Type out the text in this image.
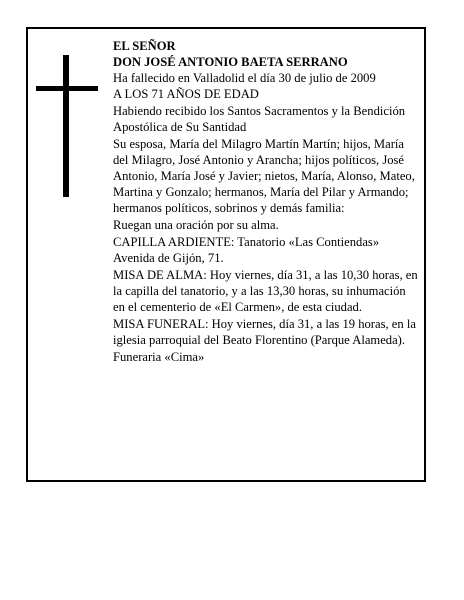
EL SEÑOR

DON JOSÉ ANTONIO BAETA SERRANO

Ha fallecido en Valladolid el día 30 de julio de 2009

A LOS 71 AÑOS DE EDAD

Habiendo recibido los Santos Sacramentos y la Bendición Apostólica de Su Santidad

Su esposa, María del Milagro Martín Martín; hijos, María del Milagro, José Antonio y Arancha; hijos políticos, José Antonio, María José y Javier; nietos, María, Alonso, Mateo, Martina y Gonzalo; hermanos, María del Pilar y Armando; hermanos políticos, sobrinos y demás familia:

Ruegan una oración por su alma.

CAPILLA ARDIENTE: Tanatorio «Las Contiendas» Avenida de Gijón, 71.

MISA DE ALMA: Hoy viernes, día 31, a las 10,30 horas, en la capilla del tanatorio, y a las 13,30 horas, su inhumación en el cementerio de «El Carmen», de esta ciudad.

MISA FUNERAL: Hoy viernes, día 31, a las 19 horas, en la iglesia parroquial del Beato Florentino (Parque Alameda).

Funeraria «Cima»
